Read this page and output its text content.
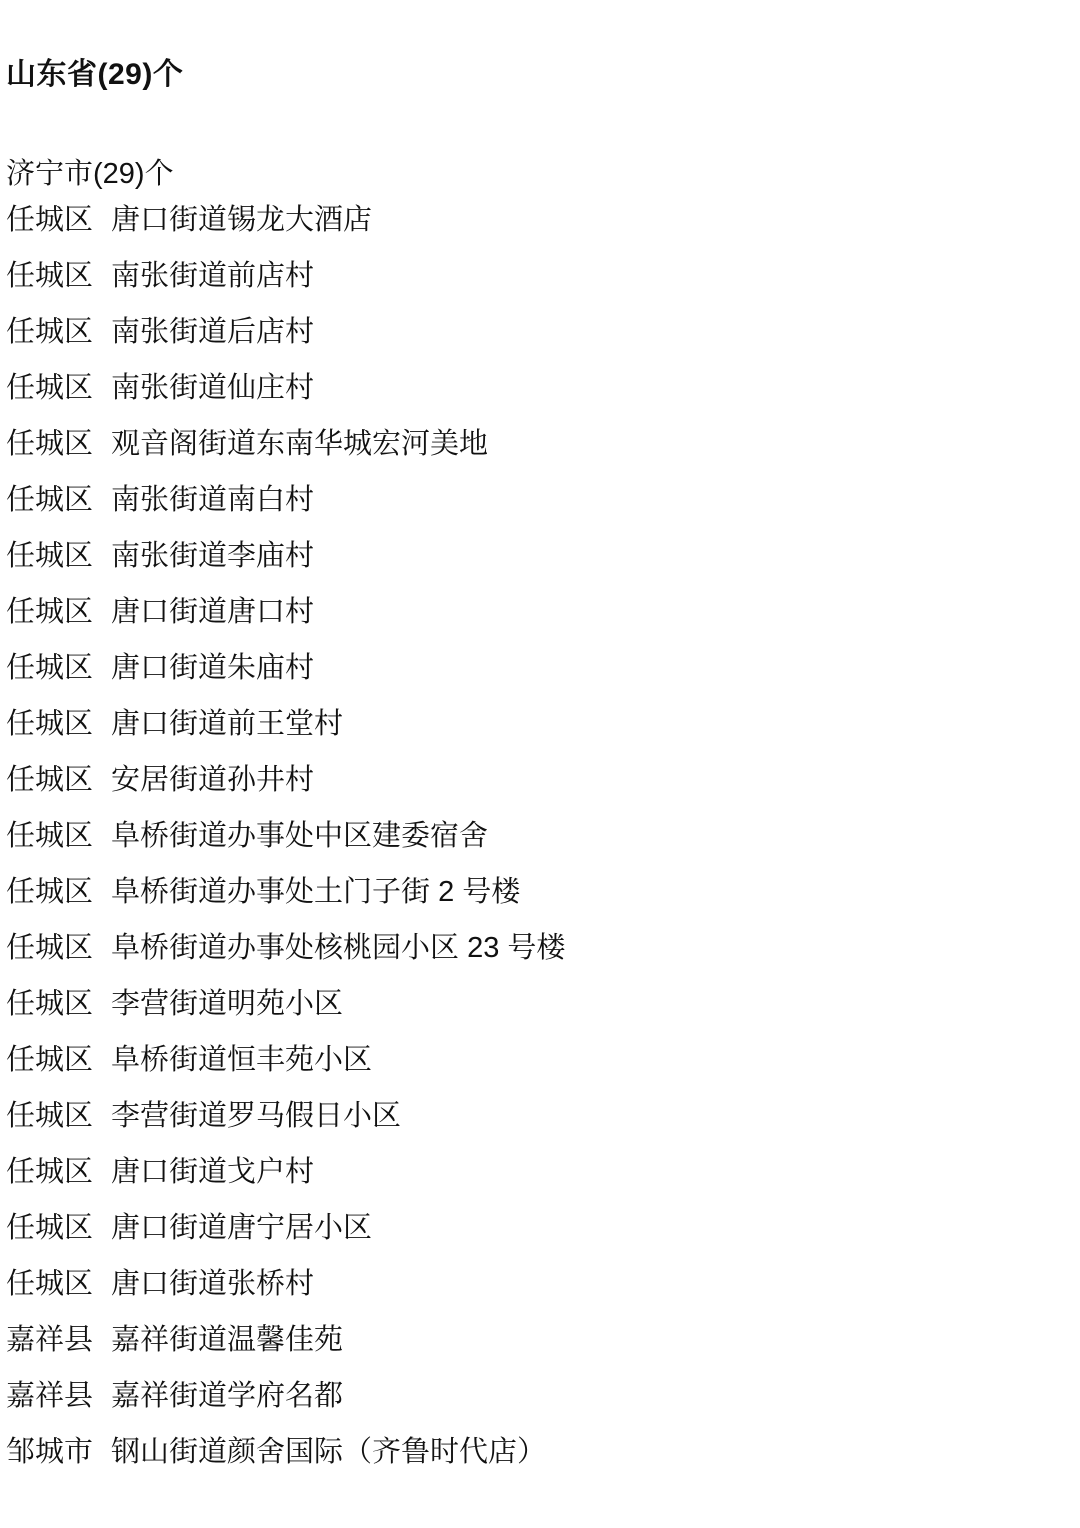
山东省(29)个
济宁市(29)个
任城区 唐口街道锡龙大酒店
任城区 南张街道前店村
任城区 南张街道后店村
任城区 南张街道仙庄村
任城区 观音阁街道东南华城宏河美地
任城区 南张街道南白村
任城区 南张街道李庙村
任城区 唐口街道唐口村
任城区 唐口街道朱庙村
任城区 唐口街道前王堂村
任城区 安居街道孙井村
任城区 阜桥街道办事处中区建委宿舍
任城区 阜桥街道办事处土门子街 2 号楼
任城区 阜桥街道办事处核桃园小区 23 号楼
任城区 李营街道明苑小区
任城区 阜桥街道恒丰苑小区
任城区 李营街道罗马假日小区
任城区 唐口街道戈户村
任城区 唐口街道唐宁居小区
任城区 唐口街道张桥村
嘉祥县 嘉祥街道温馨佳苑
嘉祥县 嘉祥街道学府名都
邹城市 钢山街道颜舍国际（齐鲁时代店）
